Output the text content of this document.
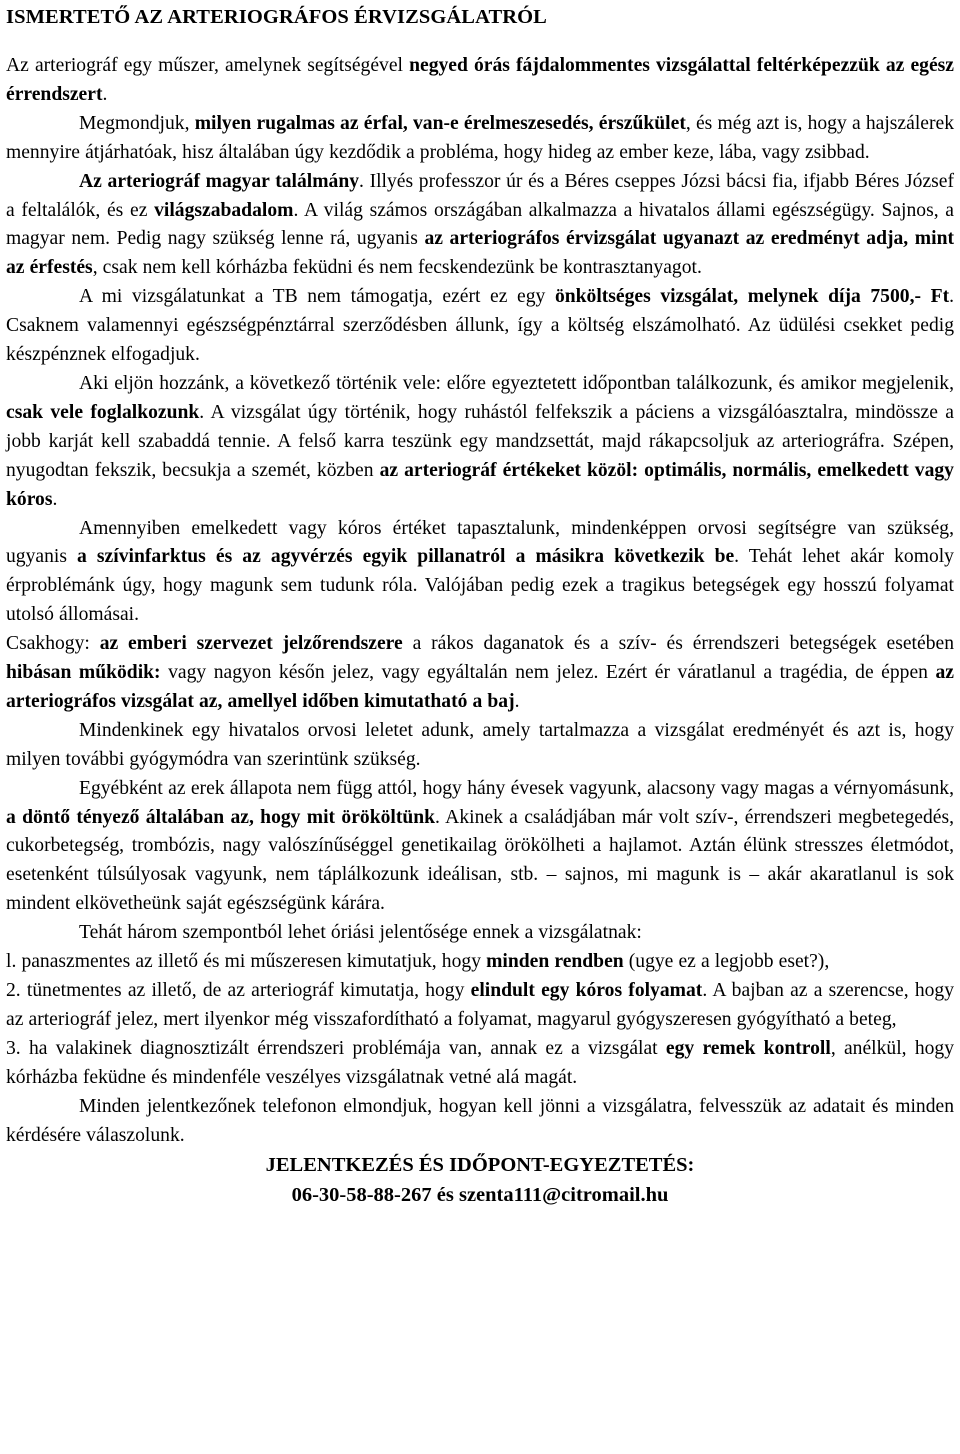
ISMERTETŐ AZ ARTERIOGRÁFOS ÉRVIZSGÁLATRÓL

Az arteriográf egy műszer, amelynek segítségével negyed órás fájdalommentes vizsgálattal feltérképezzük az egész érrendszert.

Megmondjuk, milyen rugalmas az érfal, van-e érelmeszesedés, érszűkület, és még azt is, hogy a hajszálerek mennyire átjárhatóak, hisz általában úgy kezdődik a probléma, hogy hideg az ember keze, lába, vagy zsibbad.

Az arteriográf magyar találmány. Illyés professzor úr és a Béres cseppes Józsi bácsi fia, ifjabb Béres József a feltalálók, és ez világszabadalom. A világ számos országában alkalmazza a hivatalos állami egészségügy. Sajnos, a magyar nem. Pedig nagy szükség lenne rá, ugyanis az arteriográfos érvizsgálat ugyanazt az eredményt adja, mint az érfestés, csak nem kell kórházba feküdni és nem fecskendezünk be kontrasztanyagot.

A mi vizsgálatunkat a TB nem támogatja, ezért ez egy önköltséges vizsgálat, melynek díja 7500,- Ft. Csaknem valamennyi egészségpénztárral szerződésben állunk, így a költség elszámolható. Az üdülési csekket pedig készpénznek elfogadjuk.

Aki eljön hozzánk, a következő történik vele: előre egyeztetett időpontban találkozunk, és amikor megjelenik, csak vele foglalkozunk. A vizsgálat úgy történik, hogy ruhástól felfekszik a páciens a vizsgálóasztalra, mindössze a jobb karját kell szabaddá tennie. A felső karra teszünk egy mandzsettát, majd rákapcsoljuk az arteriográfra. Szépen, nyugodtan fekszik, becsukja a szemét, közben az arteriográf értékeket közöl: optimális, normális, emelkedett vagy kóros.

Amennyiben emelkedett vagy kóros értéket tapasztalunk, mindenképpen orvosi segítségre van szükség, ugyanis a szívinfarktus és az agyvérzés egyik pillanatról a másikra következik be. Tehát lehet akár komoly érproblémánk úgy, hogy magunk sem tudunk róla. Valójában pedig ezek a tragikus betegségek egy hosszú folyamat utolsó állomásai.

Csakhogy: az emberi szervezet jelzőrendszere a rákos daganatok és a szív- és érrendszeri betegségek esetében hibásan működik: vagy nagyon későn jelez, vagy egyáltalán nem jelez. Ezért ér váratlanul a tragédia, de éppen az arteriográfos vizsgálat az, amellyel időben kimutatható a baj.

Mindenkinek egy hivatalos orvosi leletet adunk, amely tartalmazza a vizsgálat eredményét és azt is, hogy milyen további gyógymódra van szerintünk szükség.

Egyébként az erek állapota nem függ attól, hogy hány évesek vagyunk, alacsony vagy magas a vérnyomásunk, a döntő tényező általában az, hogy mit örököltünk. Akinek a családjában már volt szív-, érrendszeri megbetegedés, cukorbetegség, trombózis, nagy valószínűséggel genetikailag örökölheti a hajlamot. Aztán élünk stresszes életmódot, esetenként túlsúlyosak vagyunk, nem táplálkozunk ideálisan, stb. – sajnos, mi magunk is – akár akaratlanul is sok mindent elkövetheünk saját egészségünk kárára.

Tehát három szempontból lehet óriási jelentősége ennek a vizsgálatnak:

l. panaszmentes az illető és mi műszeresen kimutatjuk, hogy minden rendben (ugye ez a legjobb eset?),

2. tünetmentes az illető, de az arteriográf kimutatja, hogy elindult egy kóros folyamat. A bajban az a szerencse, hogy az arteriográf jelez, mert ilyenkor még visszafordítható a folyamat, magyarul gyógyszeresen gyógyítható a beteg,

3. ha valakinek diagnosztizált érrendszeri problémája van, annak ez a vizsgálat egy remek kontroll, anélkül, hogy kórházba feküdne és mindenféle veszélyes vizsgálatnak vetné alá magát.

Minden jelentkezőnek telefonon elmondjuk, hogyan kell jönni a vizsgálatra, felvesszük az adatait és minden kérdésére válaszolunk.

JELENTKEZÉS ÉS IDŐPONT-EGYEZTETÉS:

06-30-58-88-267 és szenta111@citromail.hu
